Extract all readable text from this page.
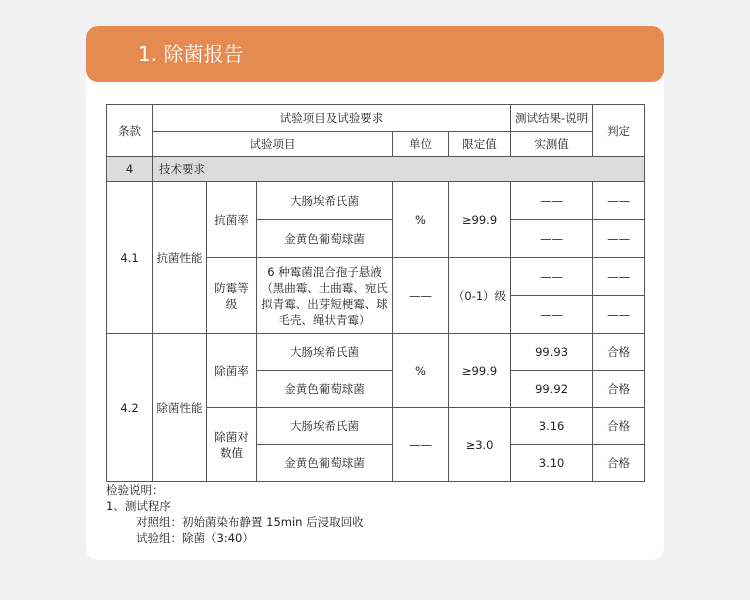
1. 除菌报告
条款	试验项目及试验要求					测试结果-说明	判定
	试验项目			单位	限定值	实测值	
4	技术要求						
4.1	抗菌性能	抗菌率	大肠埃希氏菌	%	≥99.9	——	——
			金黄色葡萄球菌			——	——
		防霉等级	6 种霉菌混合孢子悬液（黑曲霉、土曲霉、宛氏拟青霉、出芽短梗霉、球毛壳、绳状青霉）	——	（0-1）级	——	——
						——	——
4.2	除菌性能	除菌率	大肠埃希氏菌	%	≥99.9	99.93	合格
			金黄色葡萄球菌			99.92	合格
		除菌对数值	大肠埃希氏菌	——	≥3.0	3.16	合格
			金黄色葡萄球菌			3.10	合格
检验说明：
1、测试程序
对照组：初始菌染布静置 15min 后浸取回收
试验组：除菌（3:40）
